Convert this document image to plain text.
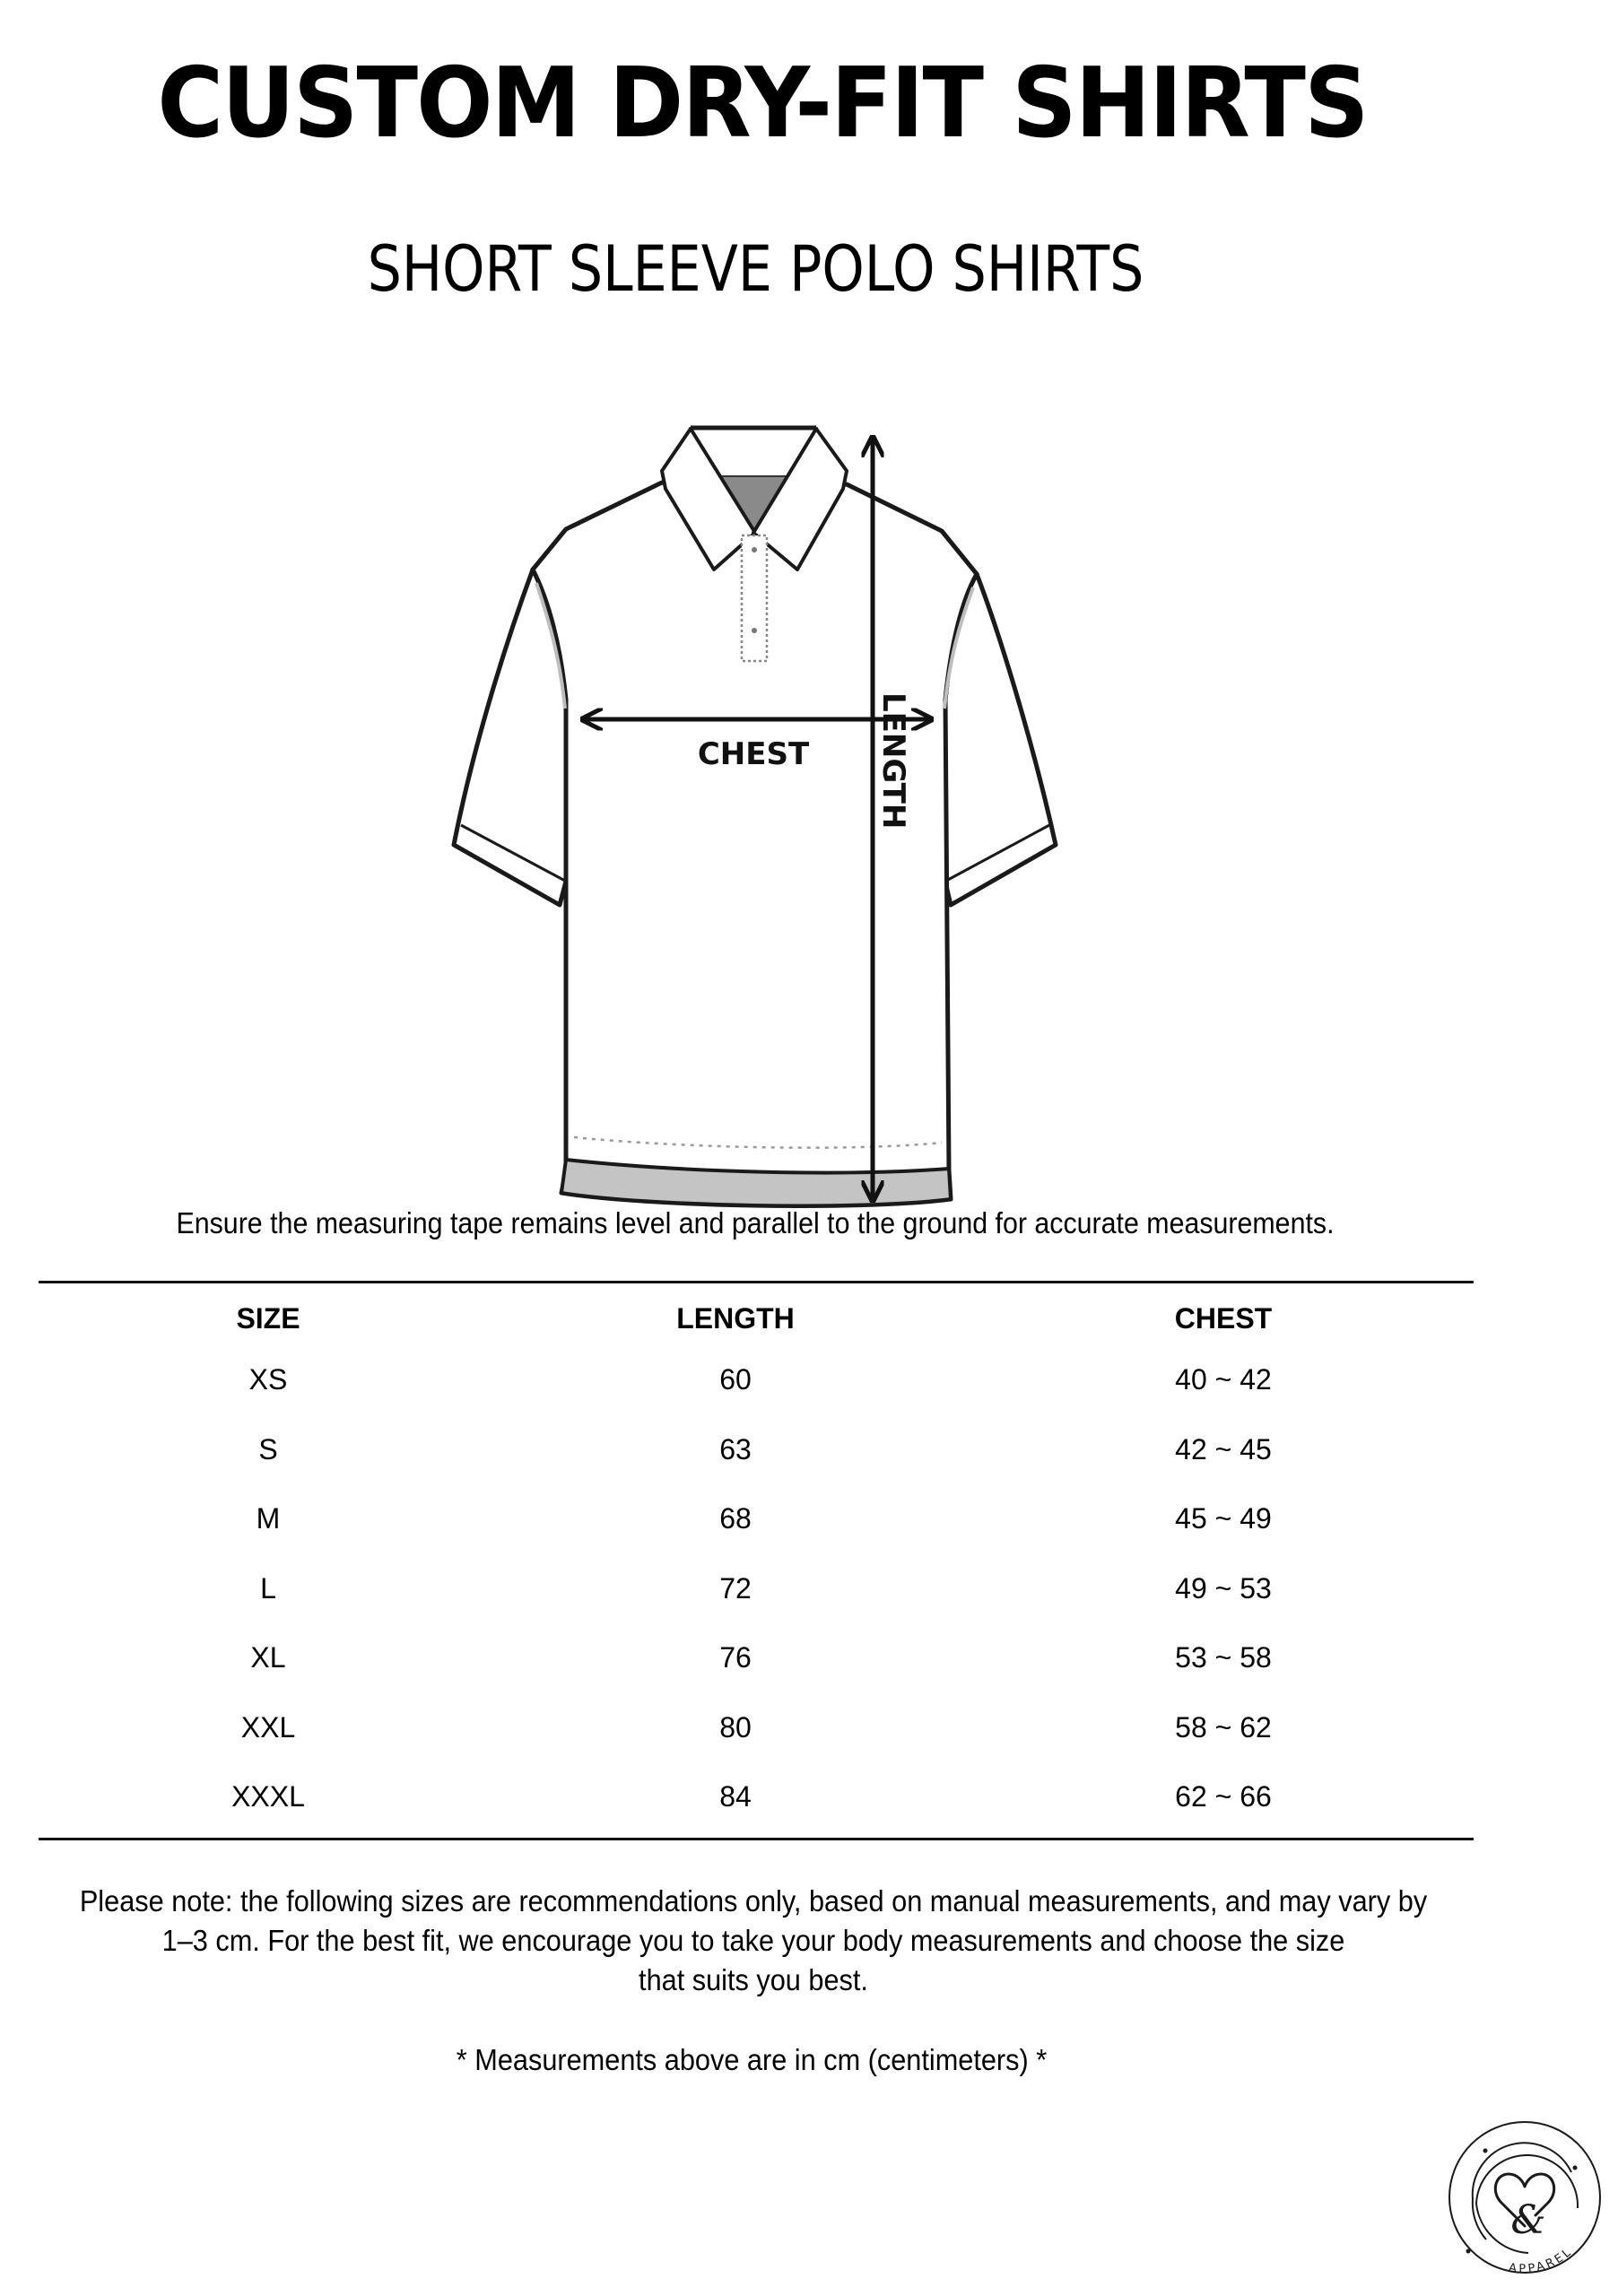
CUSTOM DRY-FIT SHIRTS
SHORT SLEEVE POLO SHIRTS
CHEST LENGTH
Ensure the measuring tape remains level and parallel to the ground for accurate measurements.
SIZE	LENGTH	CHEST
XS	60	40 ~ 42
S	63	42 ~ 45
M	68	45 ~ 49
L	72	49 ~ 53
XL	76	53 ~ 58
XXL	80	58 ~ 62
XXXL	84	62 ~ 66

Please note: the following sizes are recommendations only, based on manual measurements, and may vary by

1–3 cm. For the best fit, we encourage you to take your body measurements and choose the size

that suits you best.

* Measurements above are in cm (centimeters) *
&
APPAREL
